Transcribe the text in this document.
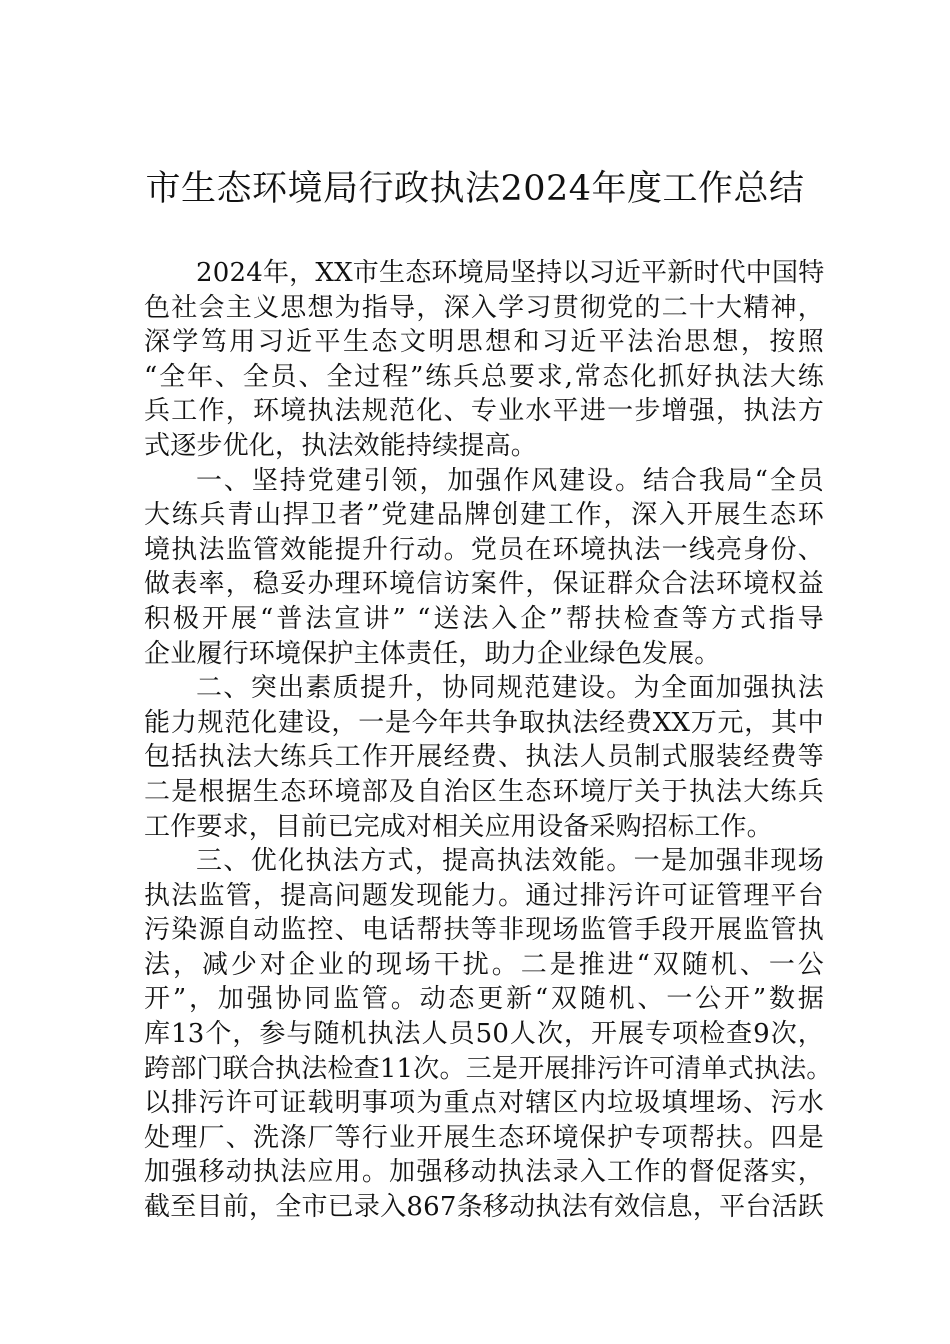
市生态环境局行政执法2024年度工作总结
2024年，XX市生态环境局坚持以习近平新时代中国特
色社会主义思想为指导，深入学习贯彻党的二十大精神，
深学笃用习近平生态文明思想和习近平法治思想，按照
“全年、全员、全过程”练兵总要求,常态化抓好执法大练
兵工作，环境执法规范化、专业水平进一步增强，执法方
式逐步优化，执法效能持续提高。
一、坚持党建引领，加强作风建设。结合我局“全员
大练兵青山捍卫者”党建品牌创建工作，深入开展生态环
境执法监管效能提升行动。党员在环境执法一线亮身份、
做表率，稳妥办理环境信访案件，保证群众合法环境权益
积极开展“普法宣讲” “送法入企”帮扶检查等方式指导
企业履行环境保护主体责任，助力企业绿色发展。
二、突出素质提升，协同规范建设。为全面加强执法
能力规范化建设，一是今年共争取执法经费XX万元，其中
包括执法大练兵工作开展经费、执法人员制式服装经费等
二是根据生态环境部及自治区生态环境厅关于执法大练兵
工作要求，目前已完成对相关应用设备采购招标工作。
三、优化执法方式，提高执法效能。一是加强非现场
执法监管，提高问题发现能力。通过排污许可证管理平台
污染源自动监控、电话帮扶等非现场监管手段开展监管执
法，减少对企业的现场干扰。二是推进“双随机、一公
开”，加强协同监管。动态更新“双随机、一公开”数据
库13个，参与随机执法人员50人次，开展专项检查9次，
跨部门联合执法检查11次。三是开展排污许可清单式执法。
以排污许可证载明事项为重点对辖区内垃圾填埋场、污水
处理厂、洗涤厂等行业开展生态环境保护专项帮扶。四是
加强移动执法应用。加强移动执法录入工作的督促落实，
截至目前，全市已录入867条移动执法有效信息，平台活跃
